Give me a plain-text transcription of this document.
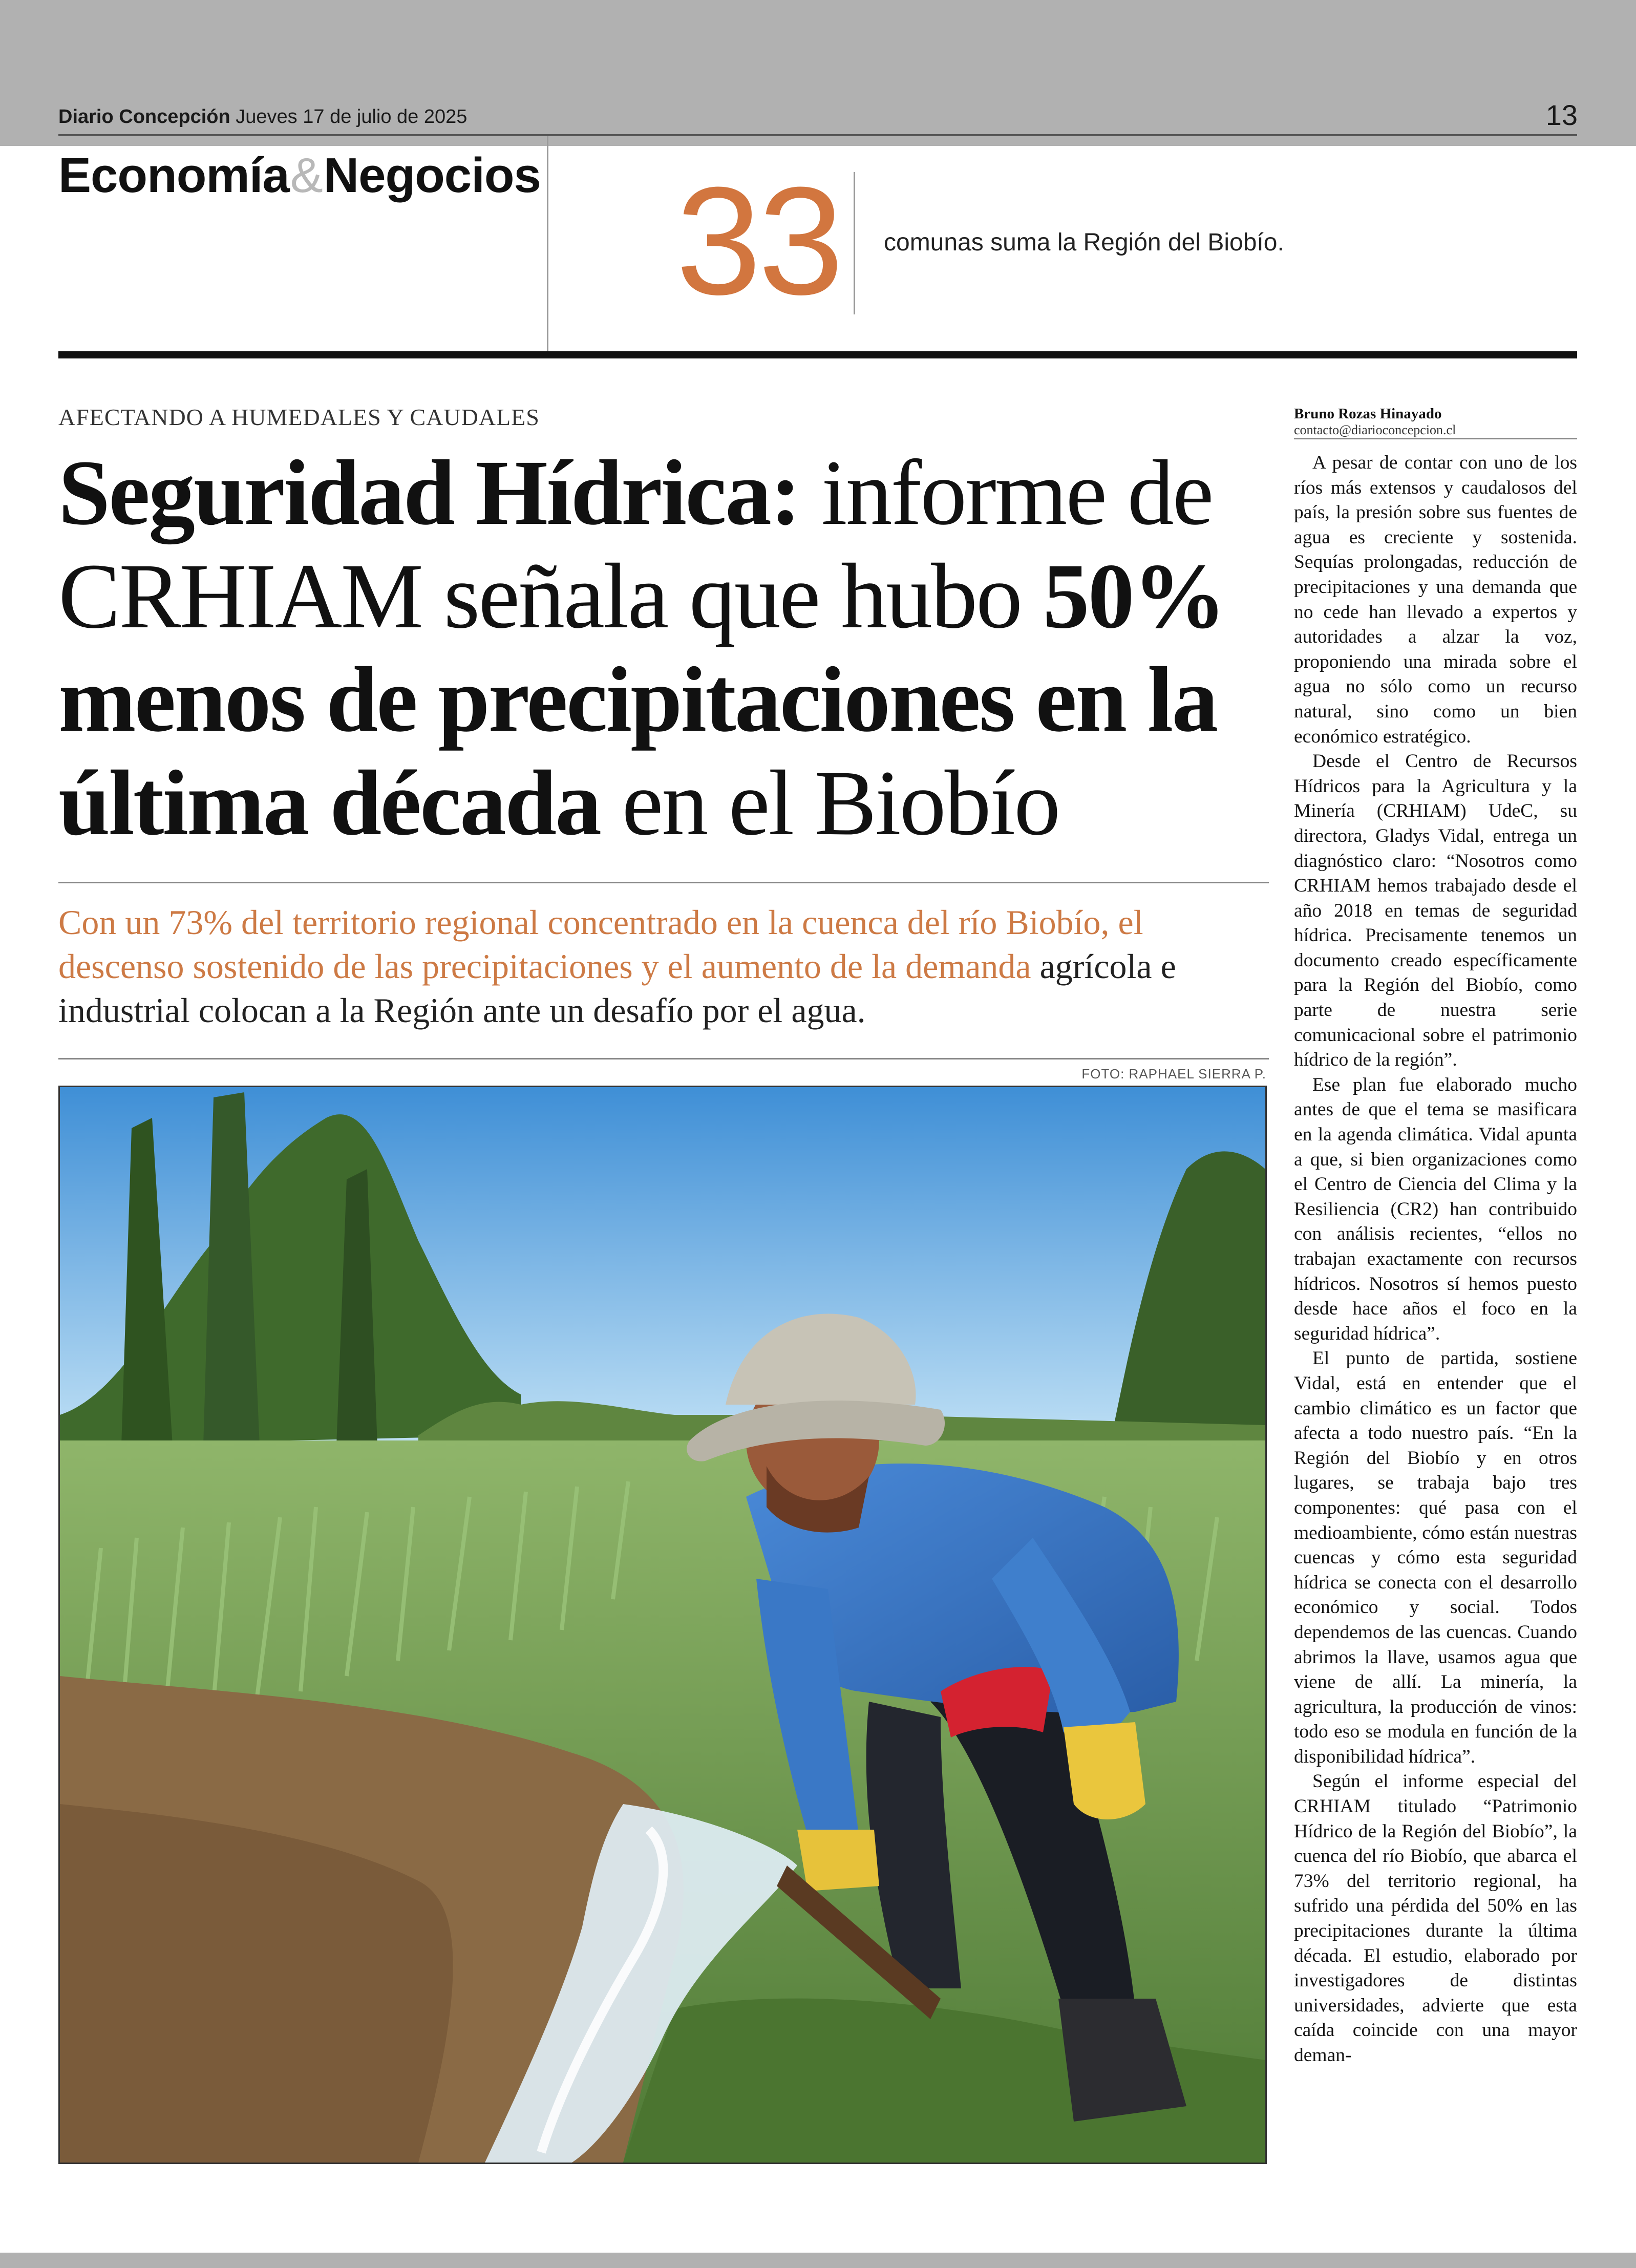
Diario Concepción Jueves 17 de julio de 2025	13
Economía&Negocios 33 comunas suma la Región del Biobío.
AFECTANDO A HUMEDALES Y CAUDALES
Seguridad Hídrica: informe de CRHIAM señala que hubo 50% menos de precipitaciones en la última década en el Biobío
Con un 73% del territorio regional concentrado en la cuenca del río Biobío, el descenso sostenido de las precipitaciones y el aumento de la demanda agrícola e industrial colocan a la Región ante un desafío por el agua.
FOTO: RAPHAEL SIERRA P.
Bruno Rozas Hinayado
contacto@diarioconcepcion.cl

A pesar de contar con uno de los ríos más extensos y caudalosos del país, la presión sobre sus fuentes de agua es creciente y sostenida. Sequías prolongadas, reducción de precipitaciones y una demanda que no cede han llevado a expertos y autoridades a alzar la voz, proponiendo una mirada sobre el agua no sólo como un recurso natural, sino como un bien económico estratégico.

Desde el Centro de Recursos Hídricos para la Agricultura y la Minería (CRHIAM) UdeC, su directora, Gladys Vidal, entrega un diagnóstico claro: “Nosotros como CRHIAM hemos trabajado desde el año 2018 en temas de seguridad hídrica. Precisamente tenemos un documento creado específicamente para la Región del Biobío, como parte de nuestra serie comunicacional sobre el patrimonio hídrico de la región”.

Ese plan fue elaborado mucho antes de que el tema se masificara en la agenda climática. Vidal apunta a que, si bien organizaciones como el Centro de Ciencia del Clima y la Resiliencia (CR2) han contribuido con análisis recientes, “ellos no trabajan exactamente con recursos hídricos. Nosotros sí hemos puesto desde hace años el foco en la seguridad hídrica”.

El punto de partida, sostiene Vidal, está en entender que el cambio climático es un factor que afecta a todo nuestro país. “En la Región del Biobío y en otros lugares, se trabaja bajo tres componentes: qué pasa con el medioambiente, cómo están nuestras cuencas y cómo esta seguridad hídrica se conecta con el desarrollo económico y social. Todos dependemos de las cuencas. Cuando abrimos la llave, usamos agua que viene de allí. La minería, la agricultura, la producción de vinos: todo eso se modula en función de la disponibilidad hídrica”.

Según el informe especial del CRHIAM titulado “Patrimonio Hídrico de la Región del Biobío”, la cuenca del río Biobío, que abarca el 73% del territorio regional, ha sufrido una pérdida del 50% en las precipitaciones durante la última década. El estudio, elaborado por investigadores de distintas universidades, advierte que esta caída coincide con una mayor deman-
